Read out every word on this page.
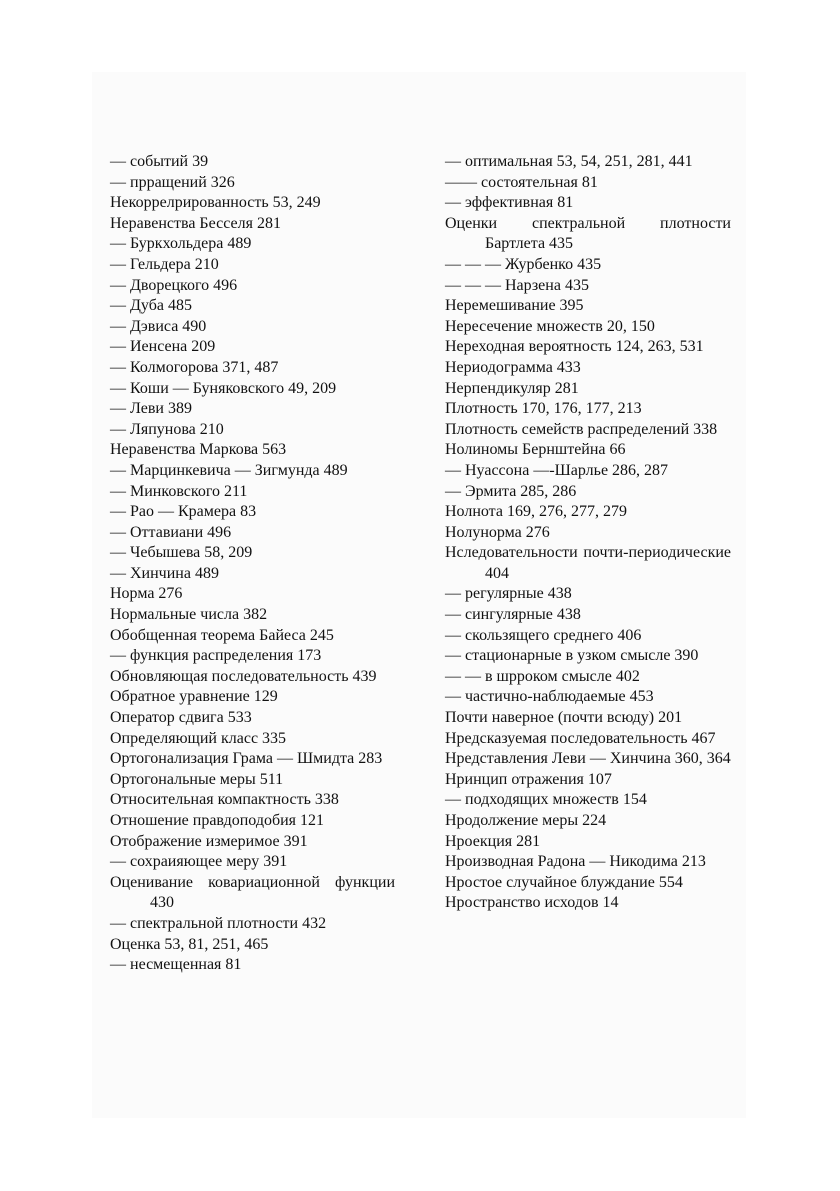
— событий 39
— пppащений 326
Некоррелpированность 53, 249
Неравенства Бесселя 281
— Буркхольдера 489
— Гельдера 210
— Дворецкого 496
— Дуба 485
— Дэвиса 490
— Иенсена 209
— Колмогорова 371, 487
— Коши — Буняковского 49, 209
— Леви 389
— Ляпунова 210
Неравенства Маркова 563
— Марцинкевича — Зигмунда 489
— Минковского 211
— Рао — Крамера 83
— Оттавиани 496
— Чебышева 58, 209
— Хинчина 489
Норма 276
Нормальные числа 382
Обобщенная теорема Байеса 245
— функция распределения 173
Обновляющая последовательность 439
Обратное уравнение 129
Оператор сдвига 533
Определяющий класс 335
Ортогонализация Грама — Шмидта 283
Ортогональные меры 511
Относительная компактность 338
Отношение правдоподобия 121
Отображение измеримое 391
— сохраияющее меру 391
Оценивание ковариационной функции 430
— спектральной плотности 432
Оценка 53, 81, 251, 465
— несмещенная 81
— оптимальная 53, 54, 251, 281, 441
—— состоятельная 81
— эффективная 81
Оценки спектральной плотности Бартлета 435
— — — Журбенко 435
— — — Нарзена 435
Неремешивание 395
Нересечение множеств 20, 150
Нереходная вероятность 124, 263, 531
Нериодограмма 433
Нерпендикуляр 281
Плотность 170, 176, 177, 213
Плотность семейств распределений 338
Нолиномы Бернштейна 66
— Нуассона —-Шарлье 286, 287
— Эрмита 285, 286
Нолнота 169, 276, 277, 279
Нолунорма 276
Нследовательности почти-периодические 404
— регулярные 438
— сингулярные 438
— скользящего среднего 406
— стационарные в узком смысле 390
— — в шpроком смысле 402
— частично-наблюдаемые 453
Почти наверное (почти всюду) 201
Нредсказуемая последовательность 467
Нредставления Леви — Хинчина 360, 364
Нринцип отражения 107
— подходящих множеств 154
Нродолжение меры 224
Нроекция 281
Нроизводная Радона — Никодима 213
Нростое случайное блуждание 554
Нространство исходов 14
